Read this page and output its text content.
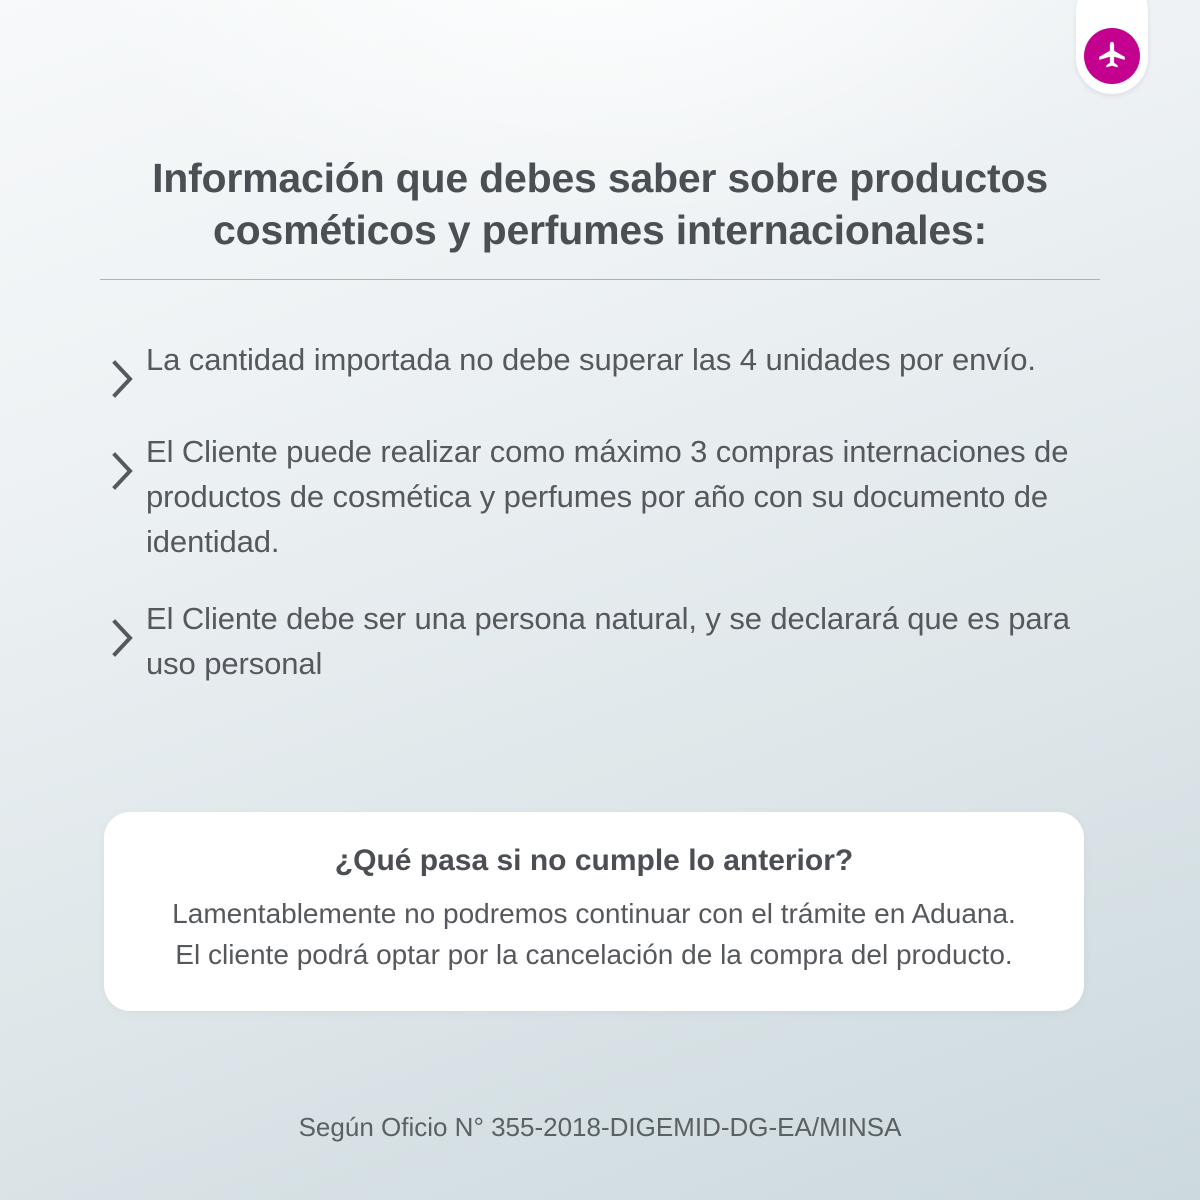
Información que debes saber sobre productos cosméticos y perfumes internacionales:
La cantidad importada no debe superar las 4 unidades por envío.
El Cliente puede realizar como máximo 3 compras internaciones de productos de cosmética y perfumes por año con su documento de identidad.
El Cliente debe ser una persona natural, y se declarará que es para uso personal
¿Qué pasa si no cumple lo anterior?
Lamentablemente no podremos continuar con el trámite en Aduana. El cliente podrá optar por la cancelación de la compra del producto.
Según Oficio N° 355-2018-DIGEMID-DG-EA/MINSA
